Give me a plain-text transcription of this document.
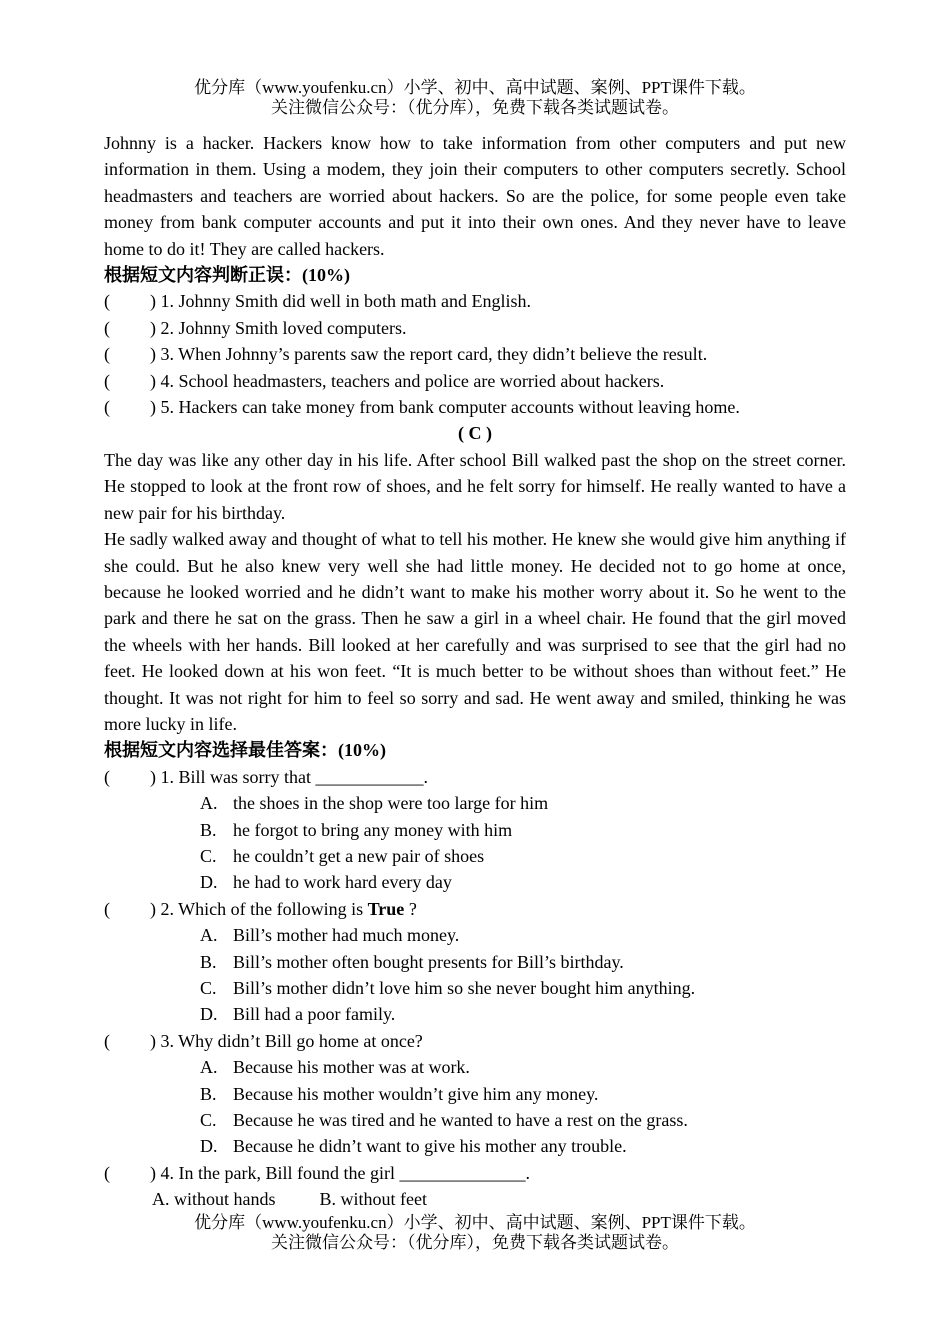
优分库（www.youfenku.cn）小学、初中、高中试题、案例、PPT课件下载。
关注微信公众号：（优分库），免费下载各类试题试卷。

Johnny is a hacker. Hackers know how to take information from other computers and put new information in them. Using a modem, they join their computers to other computers secretly. School headmasters and teachers are worried about hackers. So are the police, for some people even take money from bank computer accounts and put it into their own ones. And they never have to leave home to do it! They are called hackers.

根据短文内容判断正误：(10%)

( ) 1. Johnny Smith did well in both math and English.

( ) 2. Johnny Smith loved computers.

( ) 3. When Johnny’s parents saw the report card, they didn’t believe the result.

( ) 4. School headmasters, teachers and police are worried about hackers.

( ) 5. Hackers can take money from bank computer accounts without leaving home.

( C )

The day was like any other day in his life. After school Bill walked past the shop on the street corner. He stopped to look at the front row of shoes, and he felt sorry for himself. He really wanted to have a new pair for his birthday.

He sadly walked away and thought of what to tell his mother. He knew she would give him anything if she could. But he also knew very well she had little money. He decided not to go home at once, because he looked worried and he didn’t want to make his mother worry about it. So he went to the park and there he sat on the grass. Then he saw a girl in a wheel chair. He found that the girl moved the wheels with her hands. Bill looked at her carefully and was surprised to see that the girl had no feet. He looked down at his won feet. “It is much better to be without shoes than without feet.” He thought. It was not right for him to feel so sorry and sad. He went away and smiled, thinking he was more lucky in life.

根据短文内容选择最佳答案：(10%)

( ) 1. Bill was sorry that ____________.

A. the shoes in the shop were too large for him

B. he forgot to bring any money with him

C. he couldn’t get a new pair of shoes

D. he had to work hard every day

( ) 2. Which of the following is True ?

A. Bill’s mother had much money.

B. Bill’s mother often bought presents for Bill’s birthday.

C. Bill’s mother didn’t love him so she never bought him anything.

D. Bill had a poor family.

( ) 3. Why didn’t Bill go home at once?

A. Because his mother was at work.

B. Because his mother wouldn’t give him any money.

C. Because he was tired and he wanted to have a rest on the grass.

D. Because he didn’t want to give his mother any trouble.

( ) 4. In the park, Bill found the girl ______________.

A. without hands B. without feet

优分库（www.youfenku.cn）小学、初中、高中试题、案例、PPT课件下载。
关注微信公众号：（优分库），免费下载各类试题试卷。
